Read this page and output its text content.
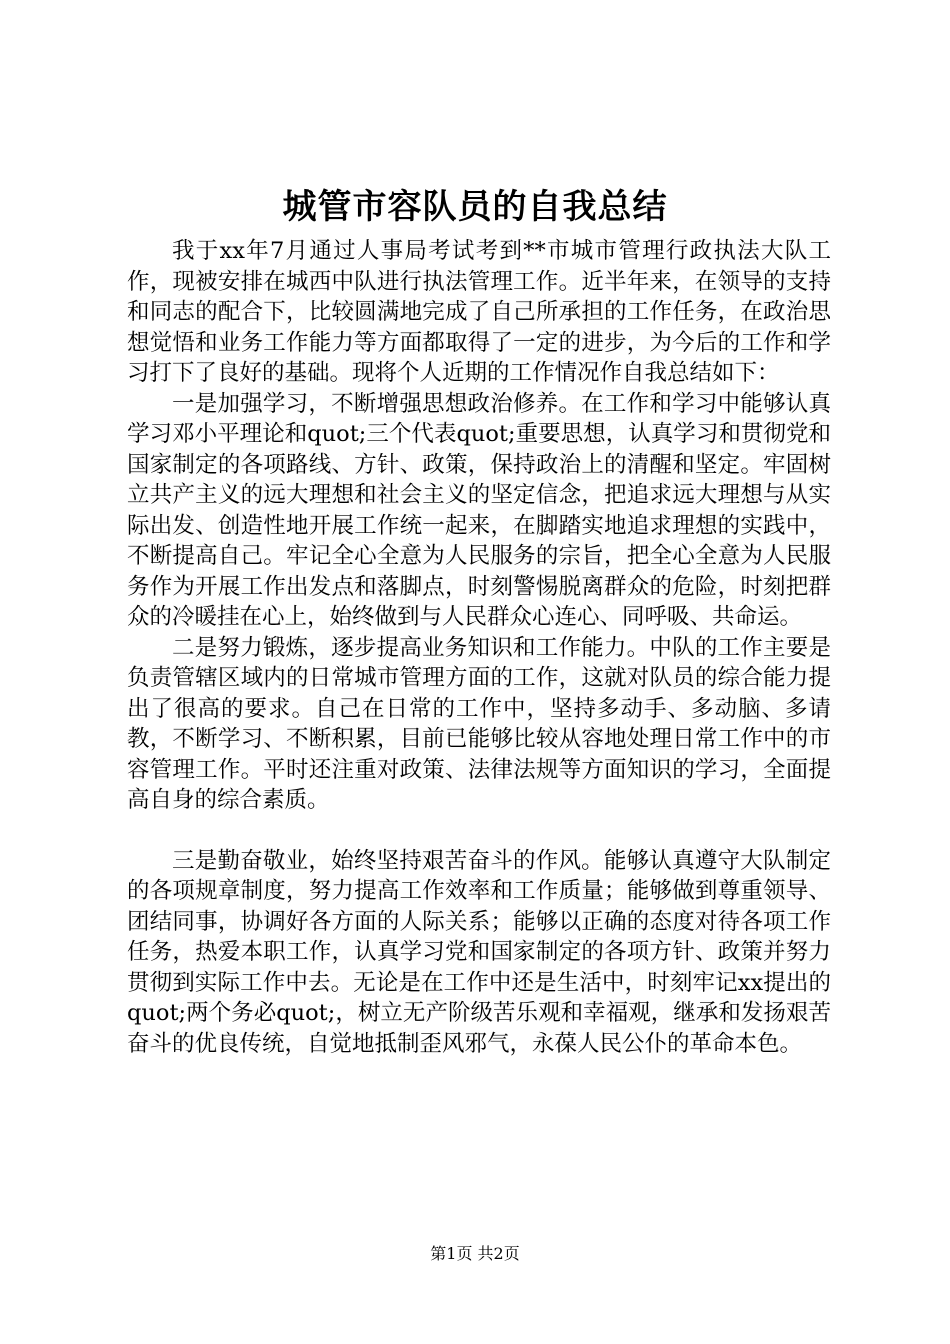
城管市容队员的自我总结

我于xx年7月通过人事局考试考到**市城市管理行政执法大队工作，现被安排在城西中队进行执法管理工作。近半年来，在领导的支持和同志的配合下，比较圆满地完成了自己所承担的工作任务，在政治思想觉悟和业务工作能力等方面都取得了一定的进步，为今后的工作和学习打下了良好的基础。现将个人近期的工作情况作自我总结如下：

一是加强学习，不断增强思想政治修养。在工作和学习中能够认真学习邓小平理论和quot;三个代表quot;重要思想，认真学习和贯彻党和国家制定的各项路线、方针、政策，保持政治上的清醒和坚定。牢固树立共产主义的远大理想和社会主义的坚定信念，把追求远大理想与从实际出发、创造性地开展工作统一起来，在脚踏实地追求理想的实践中，不断提高自己。牢记全心全意为人民服务的宗旨，把全心全意为人民服务作为开展工作出发点和落脚点，时刻警惕脱离群众的危险，时刻把群众的冷暖挂在心上，始终做到与人民群众心连心、同呼吸、共命运。

二是努力锻炼，逐步提高业务知识和工作能力。中队的工作主要是负责管辖区域内的日常城市管理方面的工作，这就对队员的综合能力提出了很高的要求。自己在日常的工作中，坚持多动手、多动脑、多请教，不断学习、不断积累，目前已能够比较从容地处理日常工作中的市容管理工作。平时还注重对政策、法律法规等方面知识的学习，全面提高自身的综合素质。

三是勤奋敬业，始终坚持艰苦奋斗的作风。能够认真遵守大队制定的各项规章制度，努力提高工作效率和工作质量；能够做到尊重领导、团结同事，协调好各方面的人际关系；能够以正确的态度对待各项工作任务，热爱本职工作，认真学习党和国家制定的各项方针、政策并努力贯彻到实际工作中去。无论是在工作中还是生活中，时刻牢记xx提出的quot;两个务必quot;，树立无产阶级苦乐观和幸福观，继承和发扬艰苦奋斗的优良传统，自觉地抵制歪风邪气，永葆人民公仆的革命本色。

第1页 共2页
